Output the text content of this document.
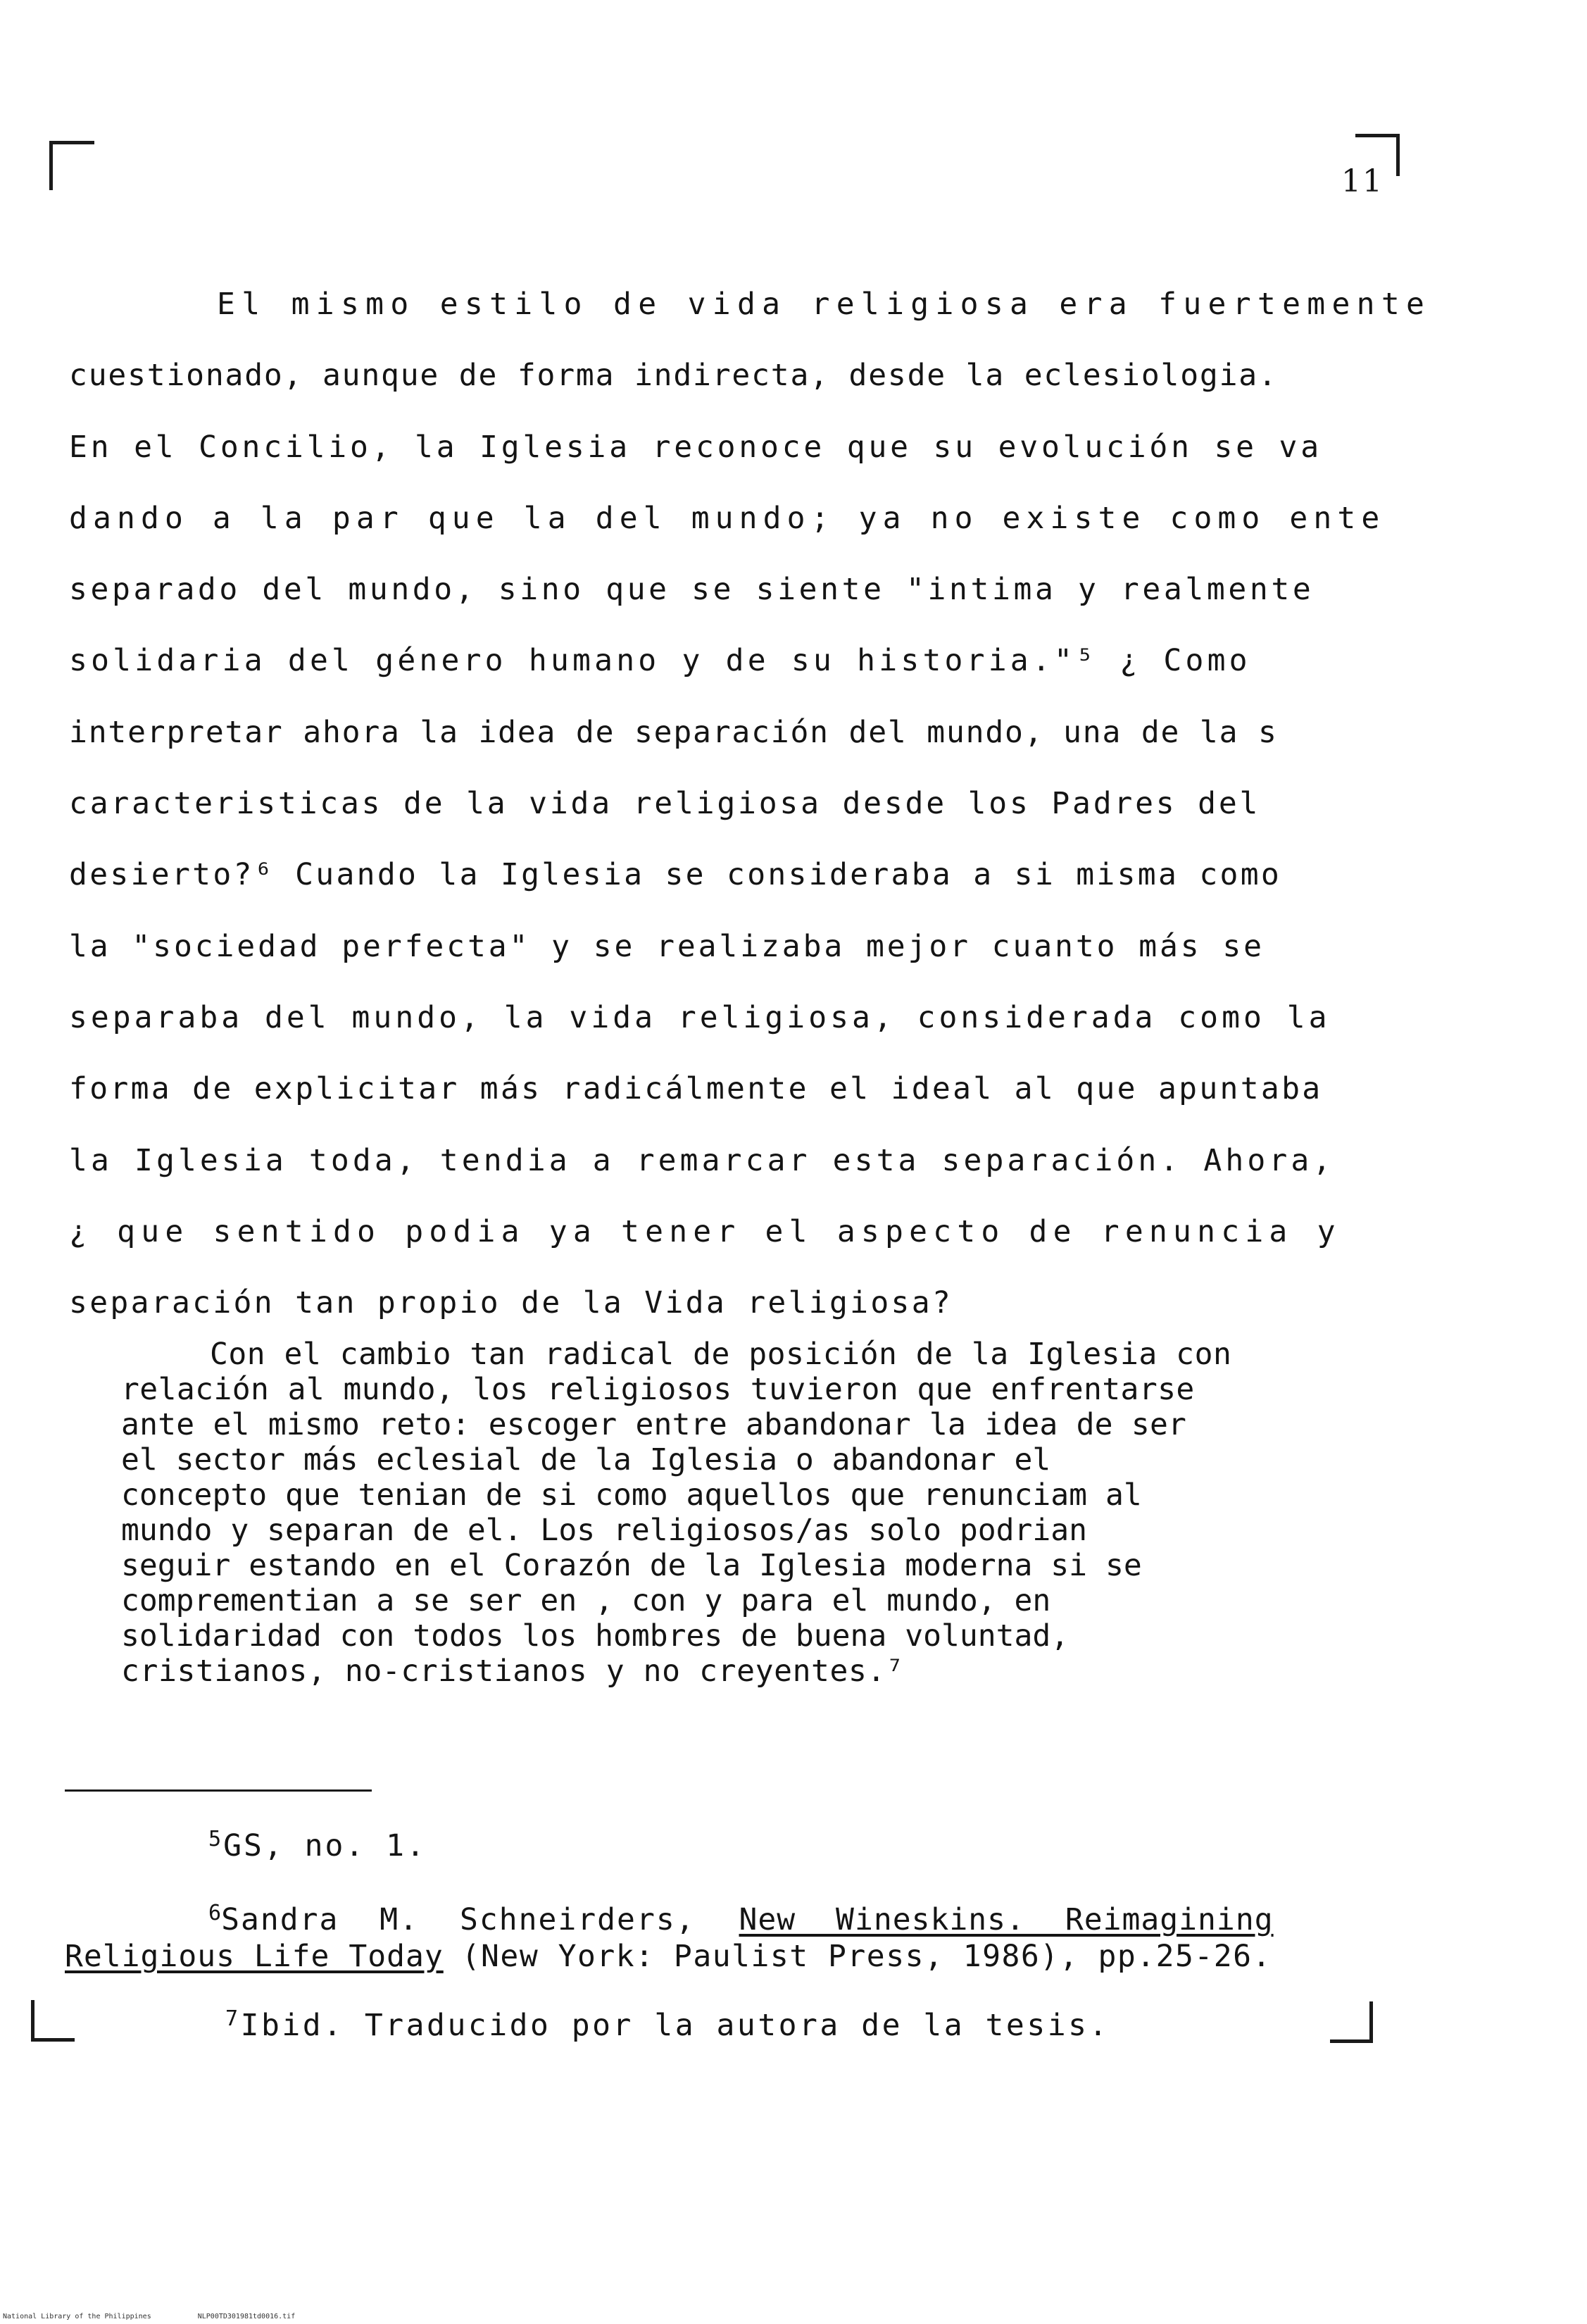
11
El mismo estilo de vida religiosa era fuertemente
cuestionado, aunque de forma indirecta, desde la eclesiologia.
En el Concilio, la Iglesia reconoce que su evolución se va
dando a la par que la del mundo; ya no existe como ente
separado del mundo, sino que se siente "intima y realmente
solidaria del género humano y de su historia."⁵ ¿ Como
interpretar ahora la idea de separación del mundo, una de la s
caracteristicas de la vida religiosa desde los Padres del
desierto?⁶ Cuando la Iglesia se consideraba a si misma como
la "sociedad perfecta" y se realizaba mejor cuanto más se
separaba del mundo, la vida religiosa, considerada como la
forma de explicitar más radicálmente el ideal al que apuntaba
la Iglesia toda, tendia a remarcar esta separación. Ahora,
¿ que sentido podia ya tener el aspecto de renuncia y
separación tan propio de la Vida religiosa?
Con el cambio tan radical de posición de la Iglesia con
relación al mundo, los religiosos tuvieron que enfrentarse
ante el mismo reto: escoger entre abandonar la idea de ser
el sector más eclesial de la Iglesia o abandonar el
concepto que tenian de si como aquellos que renunciam al
mundo y separan de el. Los religiosos/as solo podrian
seguir estando en el Corazón de la Iglesia moderna si se
comprementian a se ser en , con y para el mundo, en
solidaridad con todos los hombres de buena voluntad,
cristianos, no-cristianos y no creyentes.⁷
$^5$GS, no. 1.
$^6$Sandra M. Schneirders, New Wineskins. Reimagining
Religious Life Today (New York: Paulist Press, 1986), pp.25-26.
$^7$Ibid. Traducido por la autora de la tesis.
National Library of the Philippines	NLP00TD301981td0016.tif
